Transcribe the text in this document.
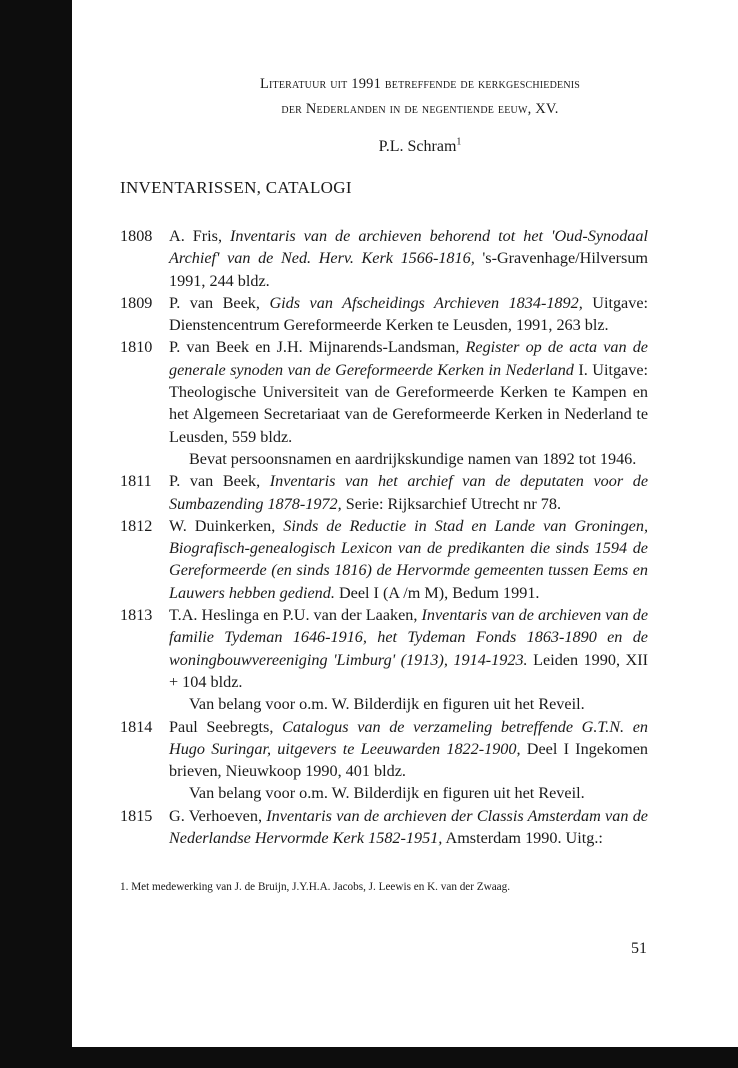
Literatuur uit 1991 betreffende de kerkgeschiedenis
der Nederlanden in de negentiende eeuw, XV.
P.L. Schram$^1$
INVENTARISSEN, CATALOGI
1808 A. Fris, Inventaris van de archieven behorend tot het 'Oud-Synodaal Archief' van de Ned. Herv. Kerk 1566-1816, 's-Gravenhage/Hilversum 1991, 244 bldz.

1809 P. van Beek, Gids van Afscheidings Archieven 1834-1892, Uitgave: Dienstencentrum Gereformeerde Kerken te Leusden, 1991, 263 blz.

1810 P. van Beek en J.H. Mijnarends-Landsman, Register op de acta van de generale synoden van de Gereformeerde Kerken in Nederland I. Uitgave: Theologische Universiteit van de Gereformeerde Kerken te Kampen en het Algemeen Secretariaat van de Gereformeerde Kerken in Nederland te Leusden, 559 bldz.

Bevat persoonsnamen en aardrijkskundige namen van 1892 tot 1946.

1811 P. van Beek, Inventaris van het archief van de deputaten voor de Sumbazending 1878-1972, Serie: Rijksarchief Utrecht nr 78.

1812 W. Duinkerken, Sinds de Reductie in Stad en Lande van Groningen, Biografisch-genealogisch Lexicon van de predikanten die sinds 1594 de Gereformeerde (en sinds 1816) de Hervormde gemeenten tussen Eems en Lauwers hebben gediend. Deel I (A /m M), Bedum 1991.

1813 T.A. Heslinga en P.U. van der Laaken, Inventaris van de archieven van de familie Tydeman 1646-1916, het Tydeman Fonds 1863-1890 en de woningbouwvereeniging 'Limburg' (1913), 1914-1923. Leiden 1990, XII + 104 bldz.

Van belang voor o.m. W. Bilderdijk en figuren uit het Reveil.

1814 Paul Seebregts, Catalogus van de verzameling betreffende G.T.N. en Hugo Suringar, uitgevers te Leeuwarden 1822-1900, Deel I Ingekomen brieven, Nieuwkoop 1990, 401 bldz.

Van belang voor o.m. W. Bilderdijk en figuren uit het Reveil.

1815 G. Verhoeven, Inventaris van de archieven der Classis Amsterdam van de Nederlandse Hervormde Kerk 1582-1951, Amsterdam 1990. Uitg.:

1. Met medewerking van J. de Bruijn, J.Y.H.A. Jacobs, J. Leewis en K. van der Zwaag.
51
